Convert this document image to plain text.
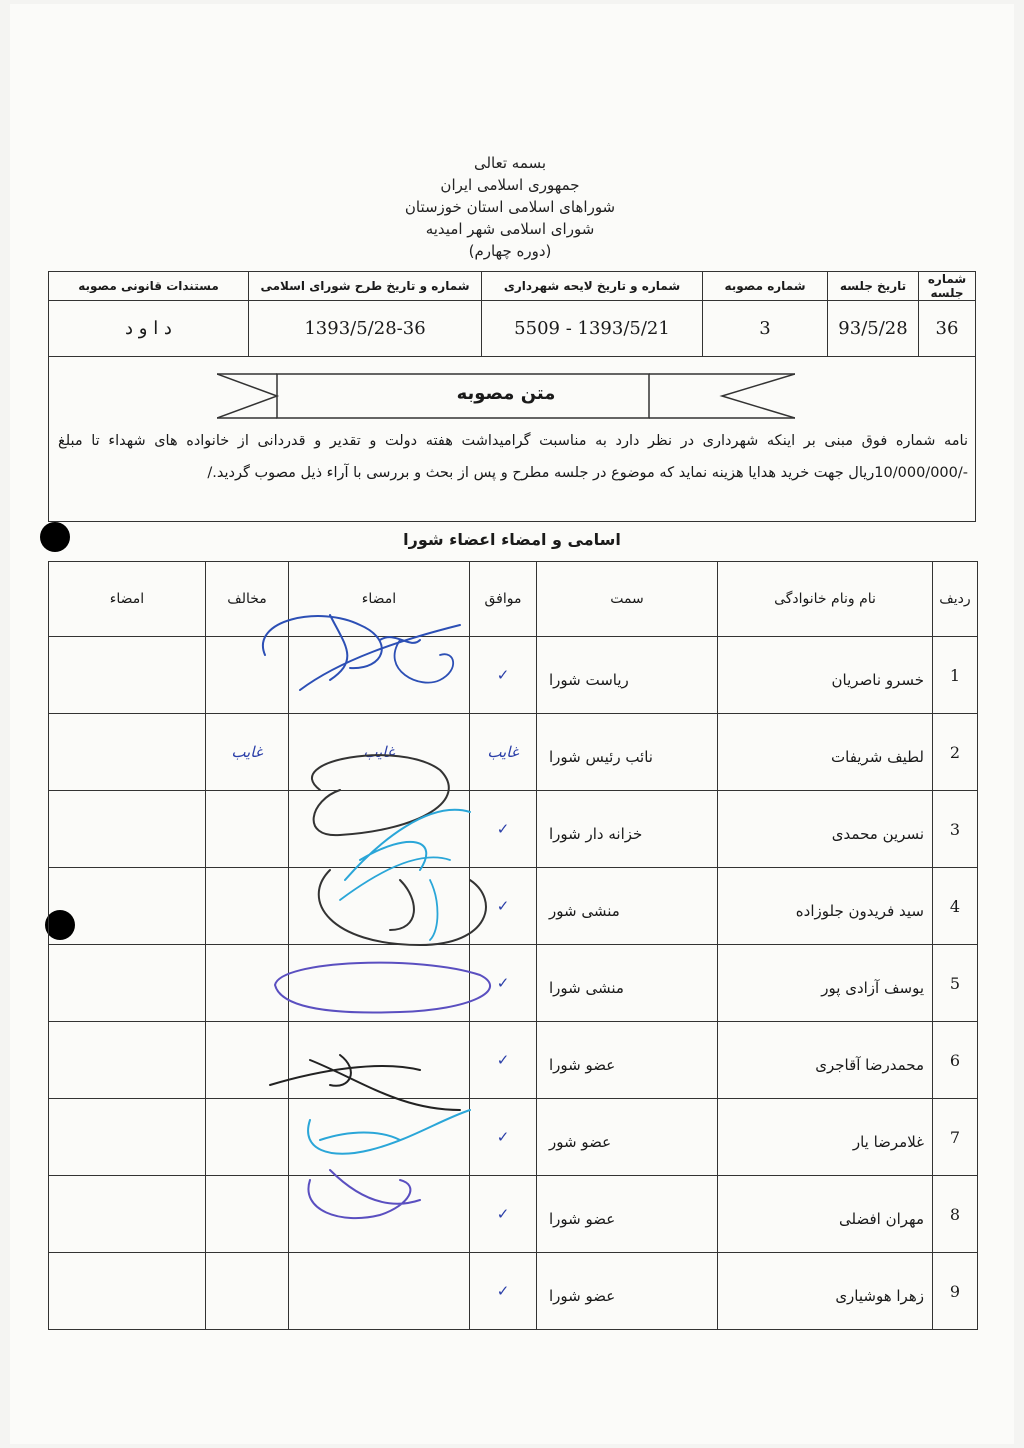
بسمه تعالی
جمهوری اسلامی ایران
شوراهای اسلامی استان خوزستان
شورای اسلامی شهر امیدیه
(دوره چهارم)
شماره جلسه	تاریخ جلسه	شماره مصوبه	شماره و تاریخ لایحه شهرداری	شماره و تاریخ طرح شورای اسلامی	مستندات قانونی مصوبه
36	93/5/28	3	1393/5/21 - 5509	1393/5/28-36	د ا و د
متن مصوبه
نامه شماره فوق مبنی بر اینکه شهرداری در نظر دارد به مناسبت گرامیداشت هفته دولت و تقدیر و قدردانی از خانواده های شهداء تا مبلغ -/10/000/000ریال جهت خرید هدایا هزینه نماید که موضوع در جلسه مطرح و پس از بحث و بررسی با آراء ذیل مصوب گردید./
اسامی و امضاء اعضاء شورا
ردیف	نام ونام خانوادگی	سمت	موافق	امضاء	مخالف	امضاء
1	خسرو ناصریان	ریاست شورا	✓			
2	لطیف شریفات	نائب رئیس شورا	غایب	غایب	غایب	
3	نسرین محمدی	خزانه دار شورا	✓			
4	سید فریدون جلوزاده	منشی شور	✓			
5	یوسف آزادی پور	منشی شورا	✓			
6	محمدرضا آقاجری	عضو شورا	✓			
7	غلامرضا یار	عضو شور	✓			
8	مهران افضلی	عضو شورا	✓			
9	زهرا هوشیاری	عضو شورا	✓			
